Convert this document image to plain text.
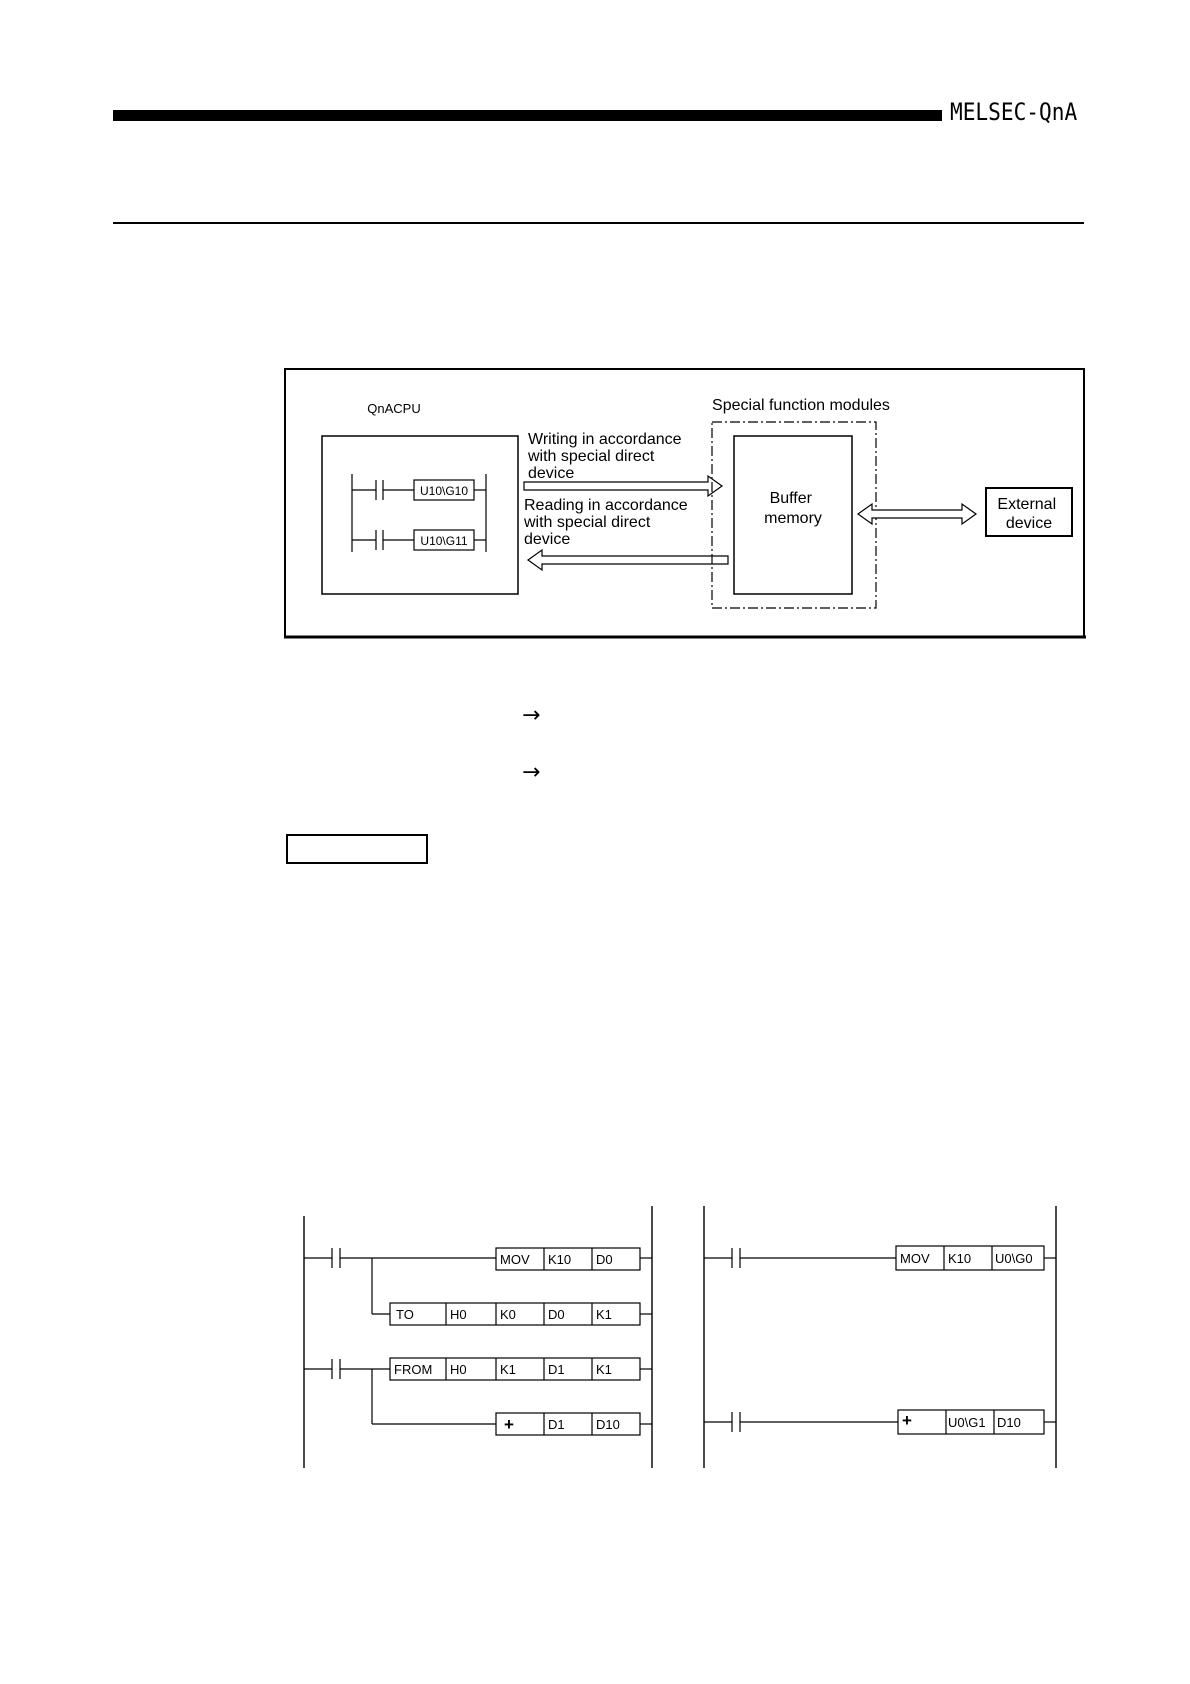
MELSEC-QnA
QnACPU
U10\G10
U10\G11
Writing in accordance with special direct device
Reading in accordance with special direct device
Special function modules
Buffer memory
External device
→
→
MOV K10 D0
TO	H0	K0 D0 K1
FROM H0	K1 D1 K1
+	D1 D10
MOV K10 U0\G0
+	U0\G1 D10
